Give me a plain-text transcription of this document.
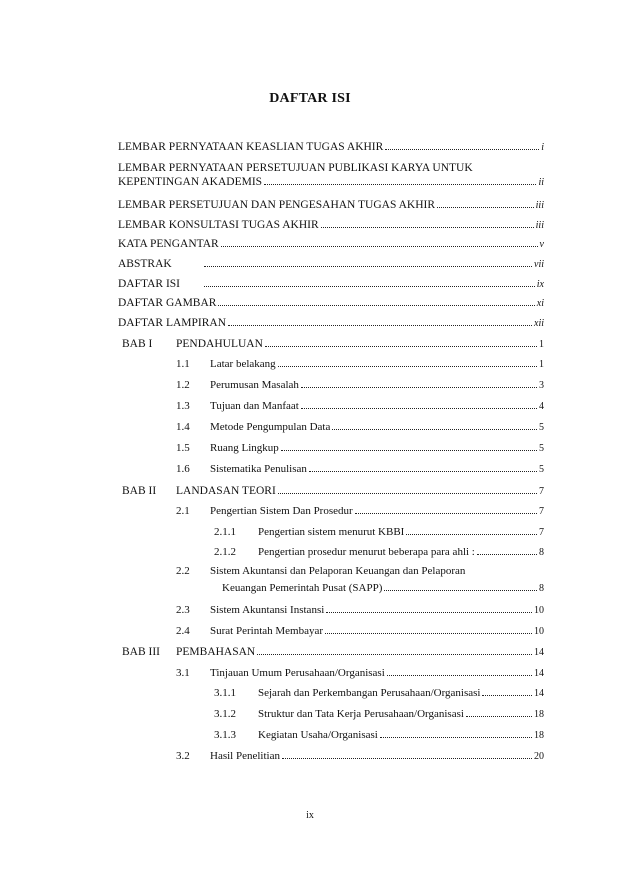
DAFTAR ISI
LEMBAR PERNYATAAN KEASLIAN TUGAS AKHIR	i
LEMBAR PERNYATAAN PERSETUJUAN PUBLIKASI KARYA UNTUK
KEPENTINGAN AKADEMIS	ii
LEMBAR PERSETUJUAN DAN PENGESAHAN TUGAS AKHIR	iii
LEMBAR KONSULTASI TUGAS AKHIR	iii
KATA PENGANTAR	v
ABSTRAK	vii
DAFTAR ISI	ix
DAFTAR GAMBAR	xi
DAFTAR LAMPIRAN	xii
BAB I	PENDAHULUAN	1
1.1	Latar belakang	1
1.2	Perumusan Masalah	3
1.3	Tujuan dan Manfaat	4
1.4	Metode Pengumpulan Data	5
1.5	Ruang Lingkup	5
1.6	Sistematika Penulisan	5
BAB II	LANDASAN TEORI	7
2.1	Pengertian Sistem Dan Prosedur	7
2.1.1	Pengertian sistem menurut KBBI	7
2.1.2	Pengertian prosedur menurut beberapa para ahli :	8
2.2	Sistem Akuntansi dan Pelaporan Keuangan dan Pelaporan
Keuangan Pemerintah Pusat (SAPP)	8
2.3	Sistem Akuntansi Instansi	10
2.4	Surat Perintah Membayar	10
BAB III	PEMBAHASAN	14
3.1	Tinjauan Umum Perusahaan/Organisasi	14
3.1.1	Sejarah dan Perkembangan Perusahaan/Organisasi	14
3.1.2	Struktur dan Tata Kerja Perusahaan/Organisasi	18
3.1.3	Kegiatan Usaha/Organisasi	18
3.2	Hasil Penelitian	20
ix
